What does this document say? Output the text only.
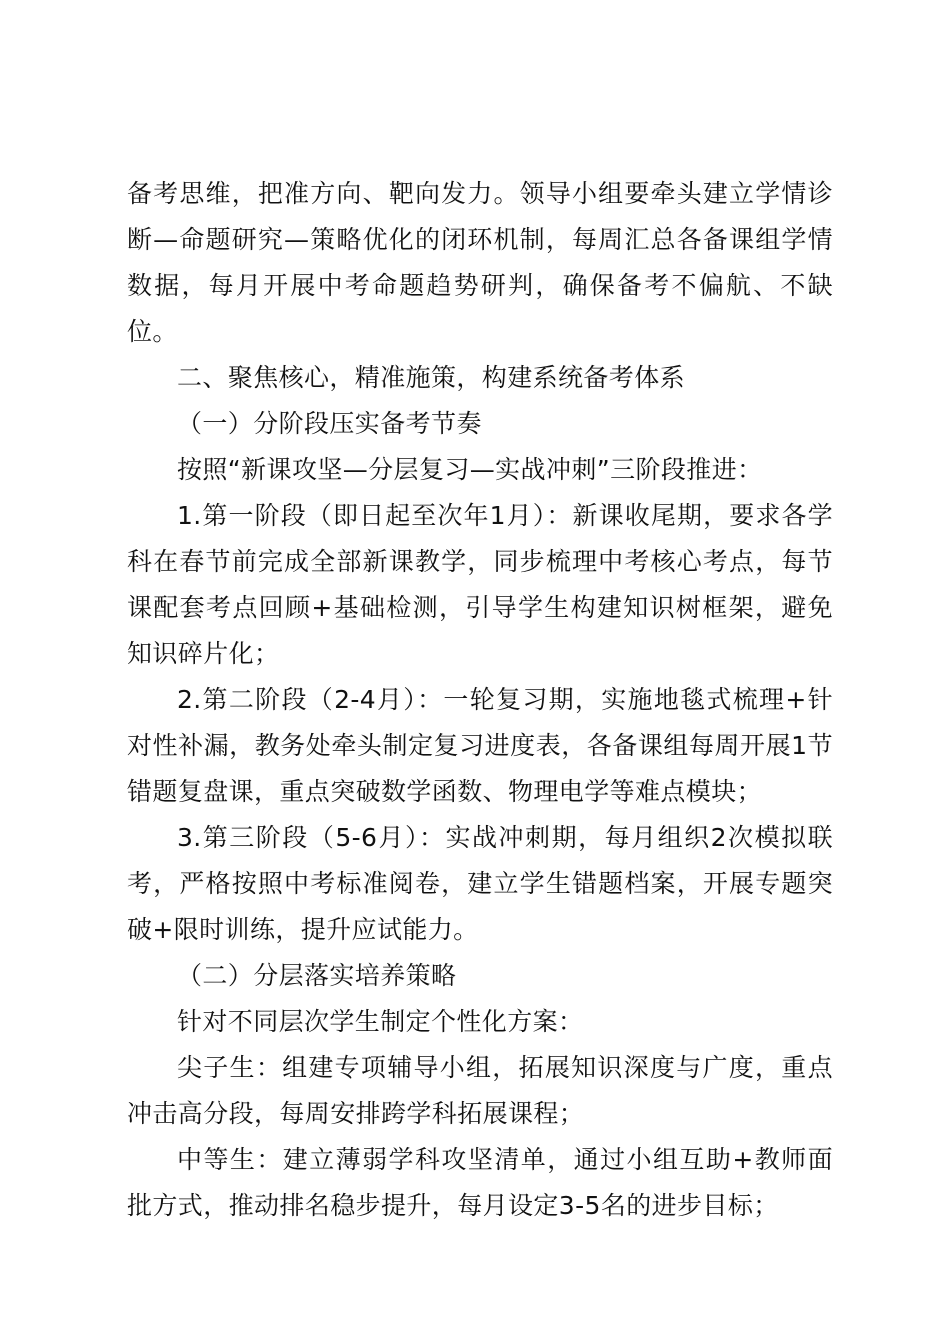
备考思维，把准方向、靶向发力。领导小组要牵头建立学情诊断—命题研究—策略优化的闭环机制，每周汇总各备课组学情数据，每月开展中考命题趋势研判，确保备考不偏航、不缺位。

二、聚焦核心，精准施策，构建系统备考体系

（一）分阶段压实备考节奏

按照“新课攻坚—分层复习—实战冲刺”三阶段推进：

1.第一阶段（即日起至次年1月）：新课收尾期，要求各学科在春节前完成全部新课教学，同步梳理中考核心考点，每节课配套考点回顾+基础检测，引导学生构建知识树框架，避免知识碎片化；

2.第二阶段（2-4月）：一轮复习期，实施地毯式梳理+针对性补漏，教务处牵头制定复习进度表，各备课组每周开展1节错题复盘课，重点突破数学函数、物理电学等难点模块；

3.第三阶段（5-6月）：实战冲刺期，每月组织2次模拟联考，严格按照中考标准阅卷，建立学生错题档案，开展专题突破+限时训练，提升应试能力。

（二）分层落实培养策略

针对不同层次学生制定个性化方案：

尖子生：组建专项辅导小组，拓展知识深度与广度，重点冲击高分段，每周安排跨学科拓展课程；

中等生：建立薄弱学科攻坚清单，通过小组互助+教师面批方式，推动排名稳步提升，每月设定3-5名的进步目标；
